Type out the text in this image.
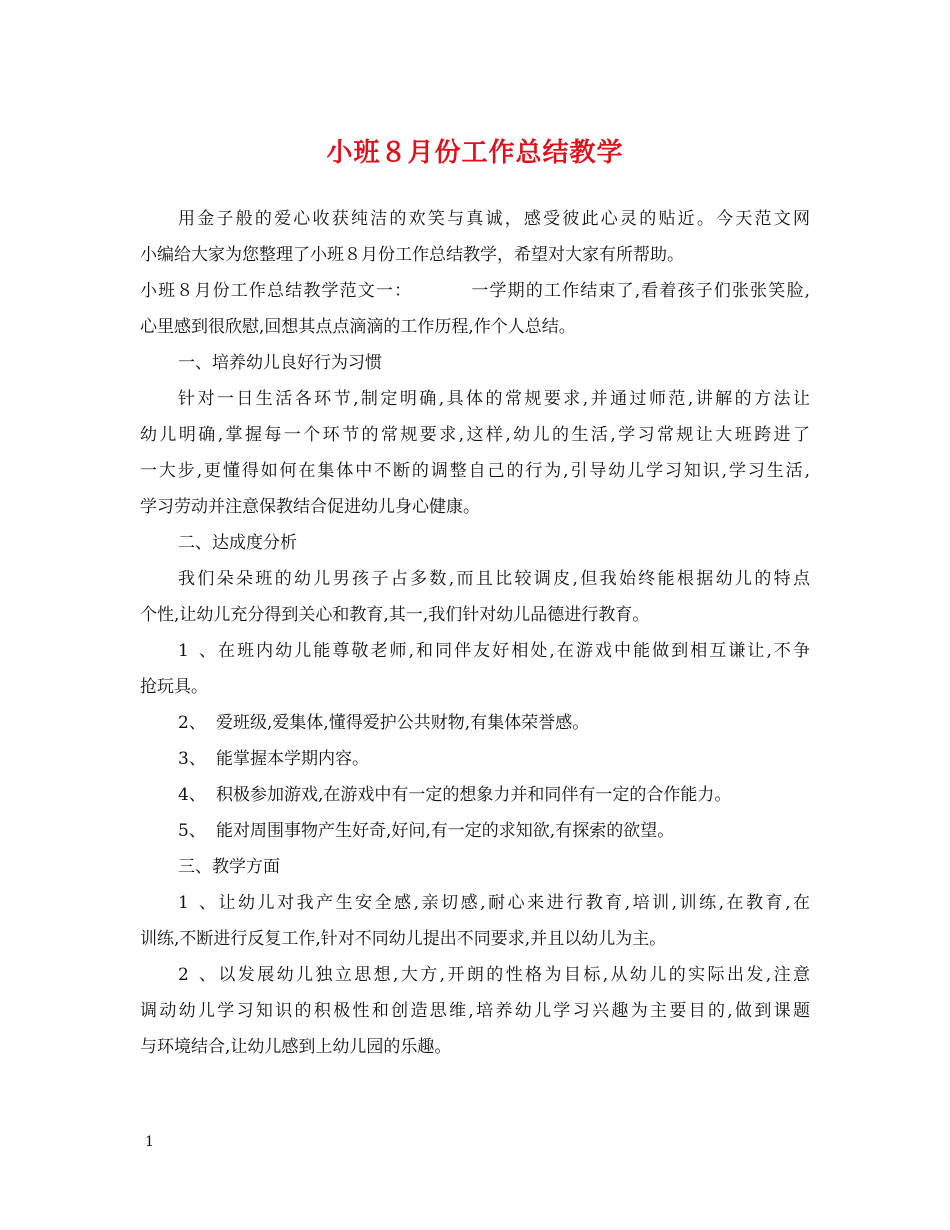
小班８月份工作总结教学
用金子般的爱心收获纯洁的欢笑与真诚，感受彼此心灵的贴近。今天范文网
小编给大家为您整理了小班８月份工作总结教学，希望对大家有所帮助。
小班８月份工作总结教学范文一：	一学期的工作结束了,看着孩子们张张笑脸,
心里感到很欣慰,回想其点点滴滴的工作历程,作个人总结。
一、培养幼儿良好行为习惯
针对一日生活各环节,制定明确,具体的常规要求,并通过师范,讲解的方法让
幼儿明确,掌握每一个环节的常规要求,这样,幼儿的生活,学习常规让大班跨进了
一大步,更懂得如何在集体中不断的调整自己的行为,引导幼儿学习知识,学习生活,
学习劳动并注意保教结合促进幼儿身心健康。
二、达成度分析
我们朵朵班的幼儿男孩子占多数,而且比较调皮,但我始终能根据幼儿的特点
个性,让幼儿充分得到关心和教育,其一,我们针对幼儿品德进行教育。
1、在班内幼儿能尊敬老师,和同伴友好相处,在游戏中能做到相互谦让,不争
抢玩具。
2、 爱班级,爱集体,懂得爱护公共财物,有集体荣誉感。
3、 能掌握本学期内容。
4、 积极参加游戏,在游戏中有一定的想象力并和同伴有一定的合作能力。
5、 能对周围事物产生好奇,好问,有一定的求知欲,有探索的欲望。
三、教学方面
1、让幼儿对我产生安全感,亲切感,耐心来进行教育,培训,训练,在教育,在
训练,不断进行反复工作,针对不同幼儿提出不同要求,并且以幼儿为主。
2、以发展幼儿独立思想,大方,开朗的性格为目标,从幼儿的实际出发,注意
调动幼儿学习知识的积极性和创造思维,培养幼儿学习兴趣为主要目的,做到课题
与环境结合,让幼儿感到上幼儿园的乐趣。
1
